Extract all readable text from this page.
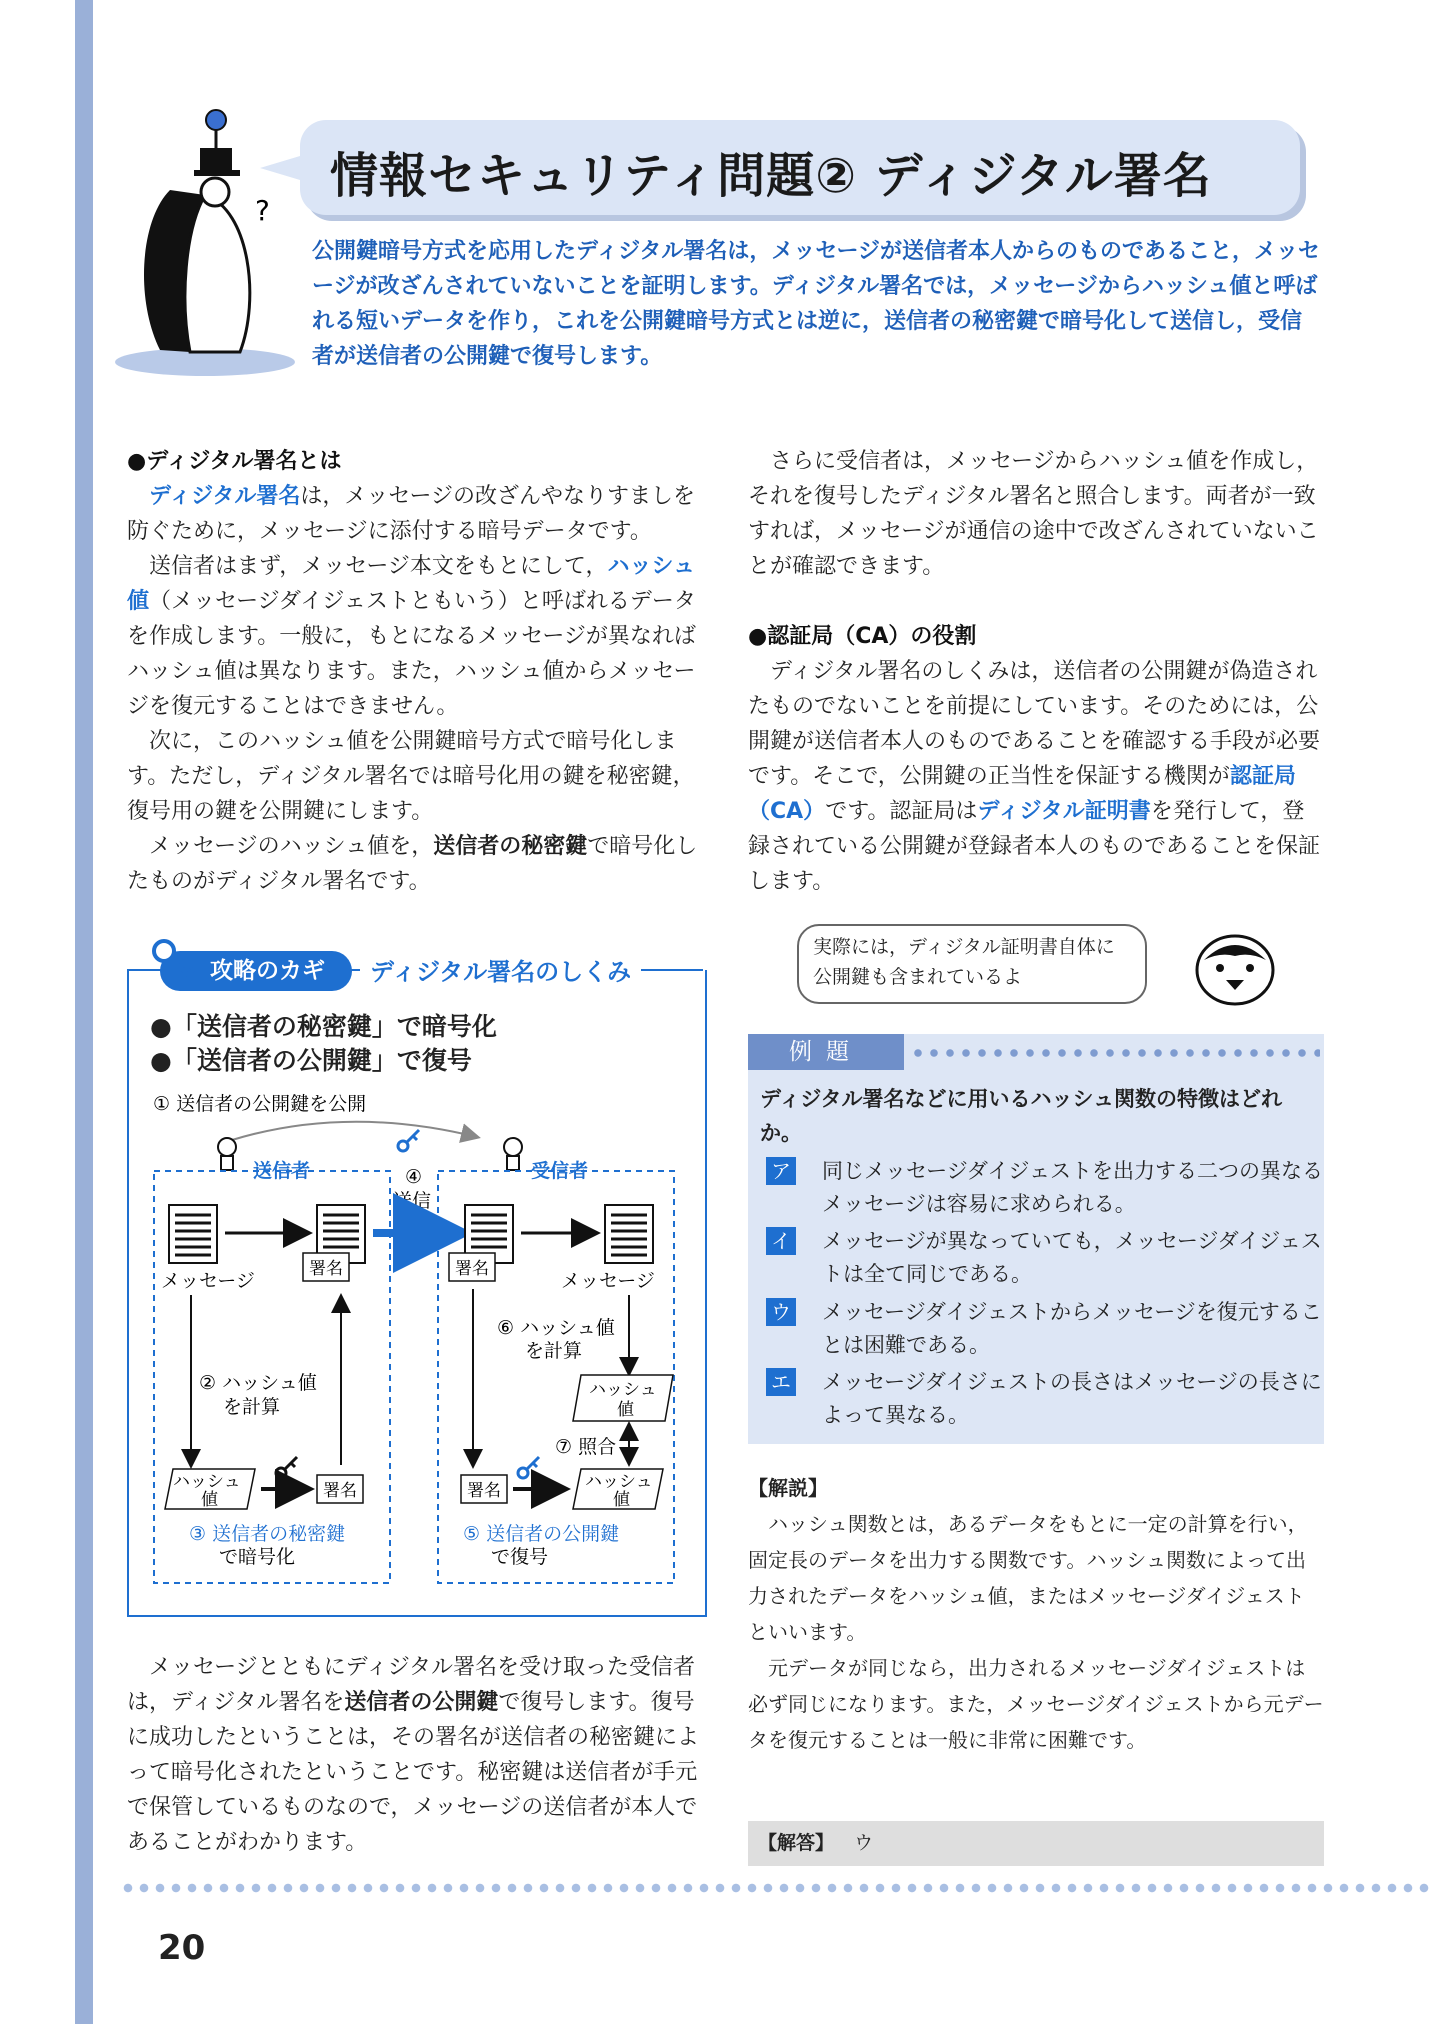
?
情報セキュリティ問題② ディジタル署名
公開鍵暗号方式を応用したディジタル署名は，メッセージが送信者本人からのものであること，メッセージが改ざんされていないことを証明します。ディジタル署名では，メッセージからハッシュ値と呼ばれる短いデータを作り，これを公開鍵暗号方式とは逆に，送信者の秘密鍵で暗号化して送信し，受信者が送信者の公開鍵で復号します。
●ディジタル署名とは

ディジタル署名は，メッセージの改ざんやなりすましを防ぐために，メッセージに添付する暗号データです。

送信者はまず，メッセージ本文をもとにして，ハッシュ値（メッセージダイジェストともいう）と呼ばれるデータを作成します。一般に，もとになるメッセージが異なればハッシュ値は異なります。また，ハッシュ値からメッセージを復元することはできません。

次に，このハッシュ値を公開鍵暗号方式で暗号化します。ただし，ディジタル署名では暗号化用の鍵を秘密鍵，復号用の鍵を公開鍵にします。

メッセージのハッシュ値を，送信者の秘密鍵で暗号化したものがディジタル署名です。

攻略のカギ	ディジタル署名のしくみ
●「送信者の秘密鍵」で暗号化
●「送信者の公開鍵」で復号
① 送信者の公開鍵を公開
送信者	受信者
④
送信
署名
メッセージ
署名
メッセージ
② ハッシュ値
を計算
⑥ ハッシュ値
を計算
ハッシュ
値
⑦ 照合
ハッシュ
値	署名	署名	ハッシュ
値
③ 送信者の秘密鍵
で暗号化
⑤ 送信者の公開鍵
で復号

メッセージとともにディジタル署名を受け取った受信者は，ディジタル署名を送信者の公開鍵で復号します。復号に成功したということは，その署名が送信者の秘密鍵によって暗号化されたということです。秘密鍵は送信者が手元で保管しているものなので，メッセージの送信者が本人であることがわかります。

さらに受信者は，メッセージからハッシュ値を作成し，それを復号したディジタル署名と照合します。両者が一致すれば，メッセージが通信の途中で改ざんされていないことが確認できます。

●認証局（CA）の役割

ディジタル署名のしくみは，送信者の公開鍵が偽造されたものでないことを前提にしています。そのためには，公開鍵が送信者本人のものであることを確認する手段が必要です。そこで，公開鍵の正当性を保証する機関が認証局（CA）です。認証局はディジタル証明書を発行して，登録されている公開鍵が登録者本人のものであることを保証します。

実際には，ディジタル証明書自体に公開鍵も含まれているよ
例題
ディジタル署名などに用いるハッシュ関数の特徴はどれか。
ア 同じメッセージダイジェストを出力する二つの異なるメッセージは容易に求められる。
イ メッセージが異なっていても，メッセージダイジェストは全て同じである。
ウ メッセージダイジェストからメッセージを復元することは困難である。
エ メッセージダイジェストの長さはメッセージの長さによって異なる。
【解説】
ハッシュ関数とは，あるデータをもとに一定の計算を行い，固定長のデータを出力する関数です。ハッシュ関数によって出力されたデータをハッシュ値，またはメッセージダイジェストといいます。
元データが同じなら，出力されるメッセージダイジェストは必ず同じになります。また，メッセージダイジェストから元データを復元することは一般に非常に困難です。
【解答】 ウ
20
